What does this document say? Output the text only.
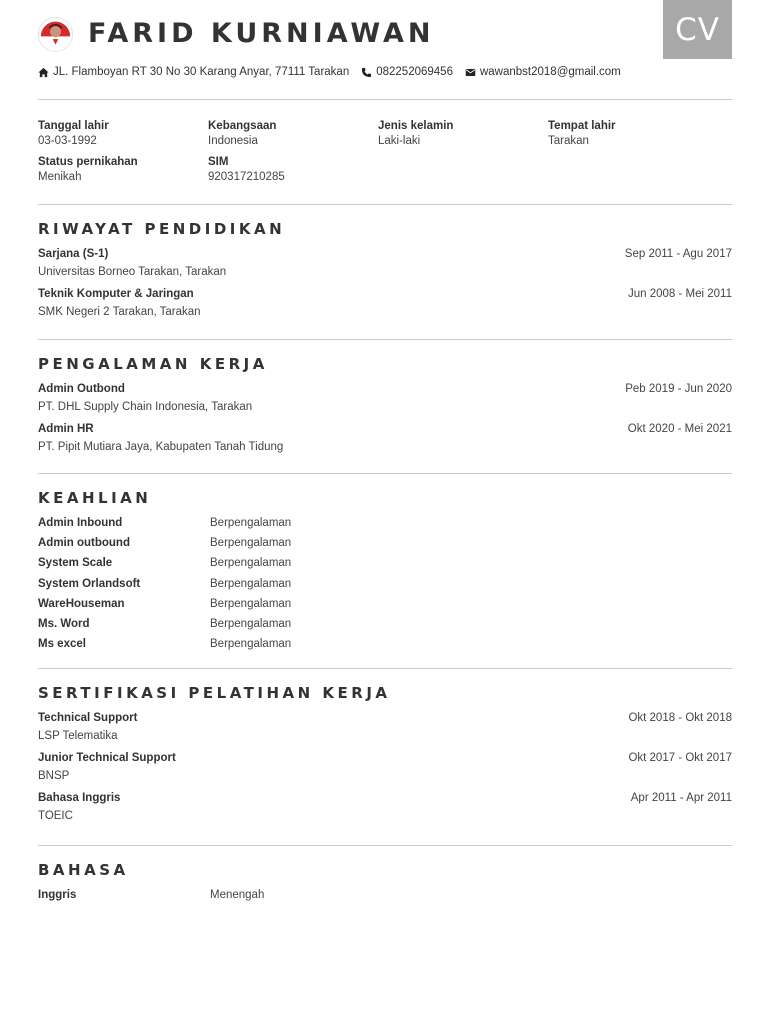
CV
FARID KURNIAWAN
JL. Flamboyan RT 30 No 30 Karang Anyar, 77111 Tarakan 082252069456 wawanbst2018@gmail.com
Tanggal lahir
03-03-1992
Kebangsaan
Indonesia
Jenis kelamin
Laki-laki
Tempat lahir
Tarakan
Status pernikahan
Menikah
SIM
920317210285
RIWAYAT PENDIDIKAN
Sarjana (S-1)
Universitas Borneo Tarakan, Tarakan
Sep 2011 - Agu 2017
Teknik Komputer & Jaringan
SMK Negeri 2 Tarakan, Tarakan
Jun 2008 - Mei 2011
PENGALAMAN KERJA
Admin Outbond
PT. DHL Supply Chain Indonesia, Tarakan
Peb 2019 - Jun 2020
Admin HR
PT. Pipit Mutiara Jaya, Kabupaten Tanah Tidung
Okt 2020 - Mei 2021
KEAHLIAN
Admin Inbound	Berpengalaman
Admin outbound	Berpengalaman
System Scale	Berpengalaman
System Orlandsoft	Berpengalaman
WareHouseman	Berpengalaman
Ms. Word	Berpengalaman
Ms excel	Berpengalaman
SERTIFIKASI PELATIHAN KERJA
Technical Support
LSP Telematika
Okt 2018 - Okt 2018
Junior Technical Support
BNSP
Okt 2017 - Okt 2017
Bahasa Inggris
TOEIC
Apr 2011 - Apr 2011
BAHASA
Inggris	Menengah
